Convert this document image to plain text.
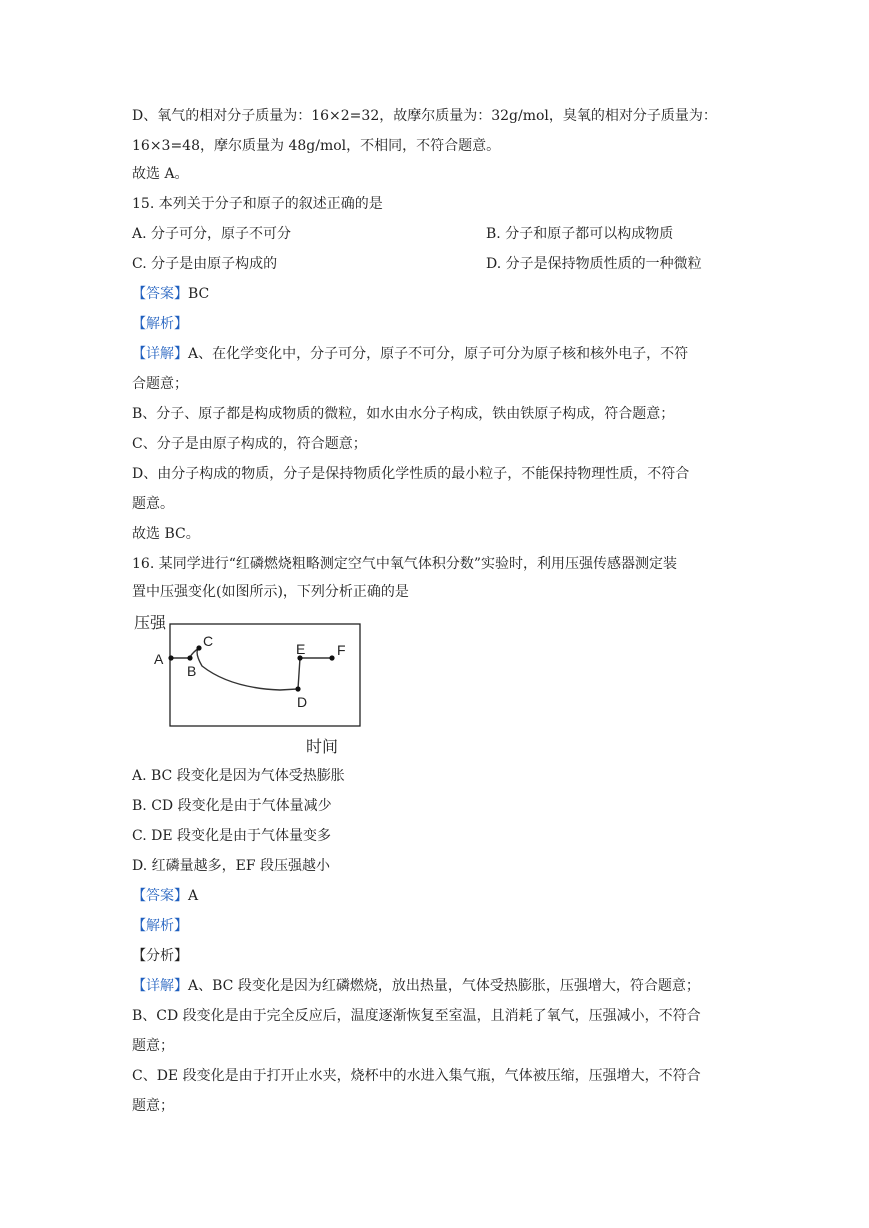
D、氧气的相对分子质量为：16×2=32，故摩尔质量为：32g/mol，臭氧的相对分子质量为：
16×3=48，摩尔质量为 48g/mol，不相同，不符合题意。
故选 A。
15. 本列关于分子和原子的叙述正确的是
A. 分子可分，原子不可分	B. 分子和原子都可以构成物质
C. 分子是由原子构成的	D. 分子是保持物质性质的一种微粒
【答案】BC
【解析】
【详解】A、在化学变化中，分子可分，原子不可分，原子可分为原子核和核外电子，不符
合题意；
B、分子、原子都是构成物质的微粒，如水由水分子构成，铁由铁原子构成，符合题意；
C、分子是由原子构成的，符合题意；
D、由分子构成的物质，分子是保持物质化学性质的最小粒子，不能保持物理性质，不符合
题意。
故选 BC。
16. 某同学进行“红磷燃烧粗略测定空气中氧气体积分数”实验时，利用压强传感器测定装
置中压强变化(如图所示)，下列分析正确的是
压强
A
B
C
D
E F
时间
A. BC 段变化是因为气体受热膨胀
B. CD 段变化是由于气体量减少
C. DE 段变化是由于气体量变多
D. 红磷量越多，EF 段压强越小
【答案】A
【解析】
【分析】
【详解】A、BC 段变化是因为红磷燃烧，放出热量，气体受热膨胀，压强增大，符合题意；
B、CD 段变化是由于完全反应后，温度逐渐恢复至室温，且消耗了氧气，压强减小，不符合
题意；
C、DE 段变化是由于打开止水夹，烧杯中的水进入集气瓶，气体被压缩，压强增大，不符合
题意；
